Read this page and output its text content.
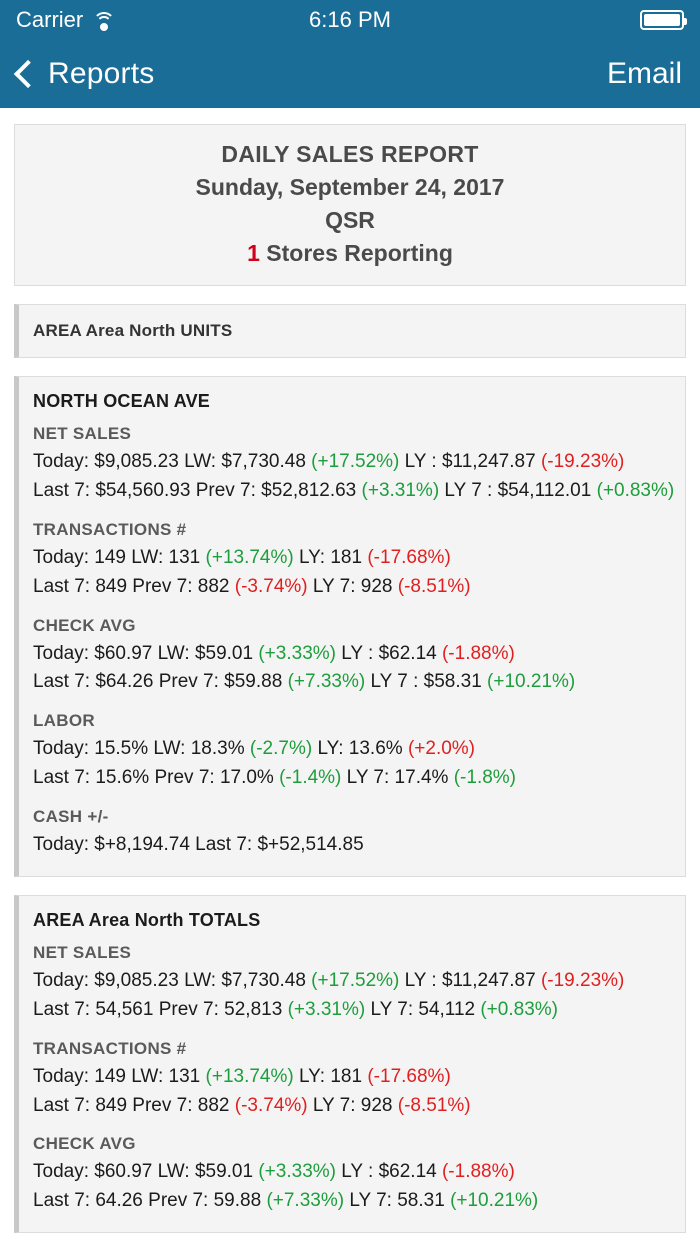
Carrier	6:16 PM
Reports	Email
DAILY SALES REPORT
Sunday, September 24, 2017
QSR
1 Stores Reporting
AREA Area North UNITS
NORTH OCEAN AVE
NET SALES
Today: $9,085.23 LW: $7,730.48 (+17.52%) LY : $11,247.87 (-19.23%)
Last 7: $54,560.93 Prev 7: $52,812.63 (+3.31%) LY 7 : $54,112.01 (+0.83%)
TRANSACTIONS #
Today: 149 LW: 131 (+13.74%) LY: 181 (-17.68%)
Last 7: 849 Prev 7: 882 (-3.74%) LY 7: 928 (-8.51%)
CHECK AVG
Today: $60.97 LW: $59.01 (+3.33%) LY : $62.14 (-1.88%)
Last 7: $64.26 Prev 7: $59.88 (+7.33%) LY 7 : $58.31 (+10.21%)
LABOR
Today: 15.5% LW: 18.3% (-2.7%) LY: 13.6% (+2.0%)
Last 7: 15.6% Prev 7: 17.0% (-1.4%) LY 7: 17.4% (-1.8%)
CASH +/-
Today: $+8,194.74 Last 7: $+52,514.85
AREA Area North TOTALS
NET SALES
Today: $9,085.23 LW: $7,730.48 (+17.52%) LY : $11,247.87 (-19.23%)
Last 7: 54,561 Prev 7: 52,813 (+3.31%) LY 7: 54,112 (+0.83%)
TRANSACTIONS #
Today: 149 LW: 131 (+13.74%) LY: 181 (-17.68%)
Last 7: 849 Prev 7: 882 (-3.74%) LY 7: 928 (-8.51%)
CHECK AVG
Today: $60.97 LW: $59.01 (+3.33%) LY : $62.14 (-1.88%)
Last 7: 64.26 Prev 7: 59.88 (+7.33%) LY 7: 58.31 (+10.21%)
